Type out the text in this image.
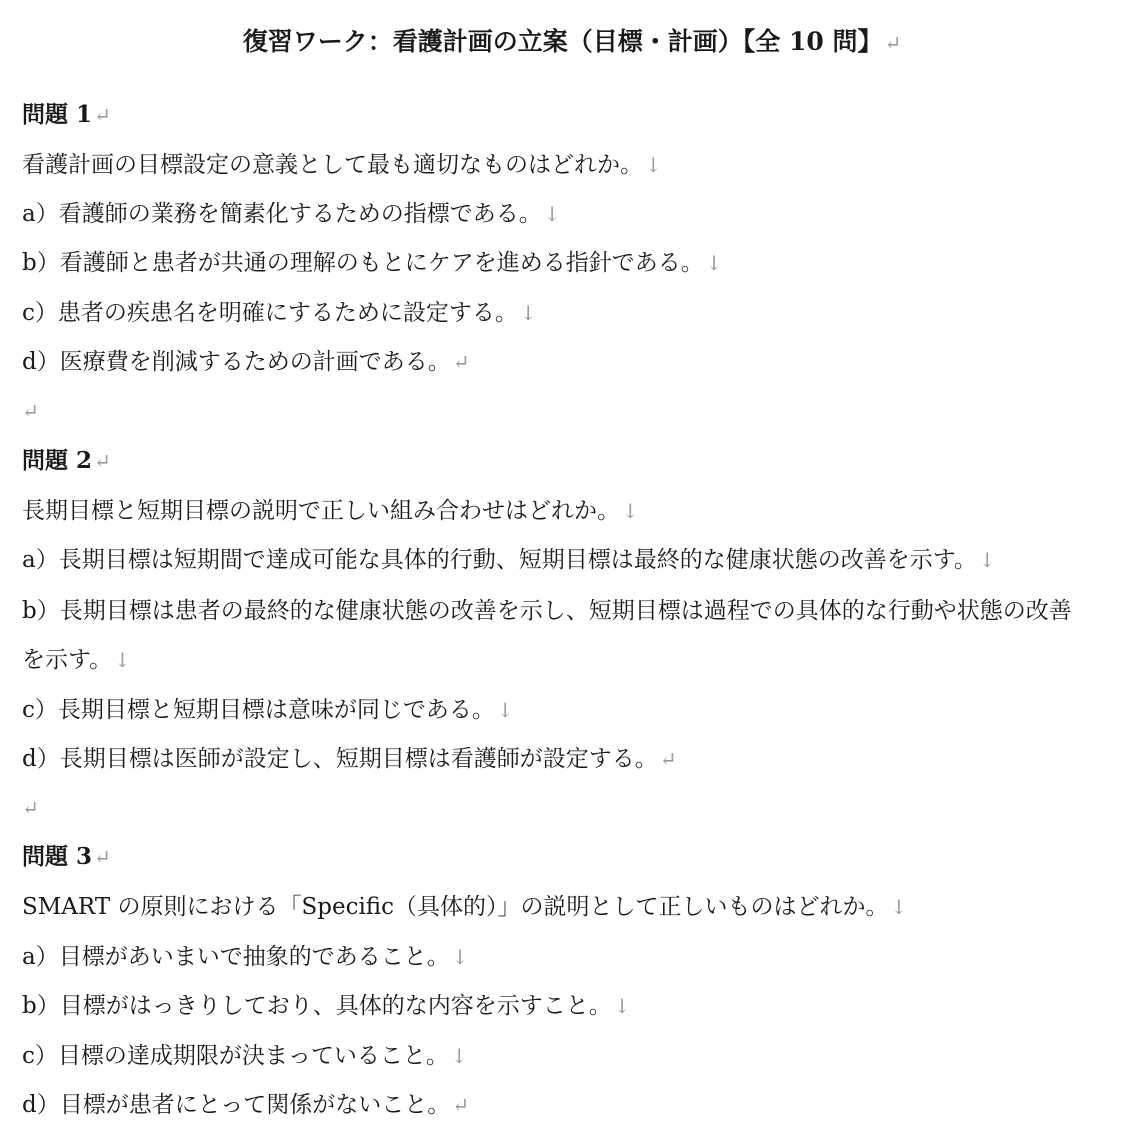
復習ワーク：看護計画の立案（目標・計画）【全 10 問】 ↵
問題 1 ↵
看護計画の目標設定の意義として最も適切なものはどれか。 ↓
a）看護師の業務を簡素化するための指標である。 ↓
b）看護師と患者が共通の理解のもとにケアを進める指針である。 ↓
c）患者の疾患名を明確にするために設定する。 ↓
d）医療費を削減するための計画である。 ↵
↵
問題 2 ↵
長期目標と短期目標の説明で正しい組み合わせはどれか。 ↓
a）長期目標は短期間で達成可能な具体的行動、短期目標は最終的な健康状態の改善を示す。 ↓
b）長期目標は患者の最終的な健康状態の改善を示し、短期目標は過程での具体的な行動や状態の改善
を示す。 ↓
c）長期目標と短期目標は意味が同じである。 ↓
d）長期目標は医師が設定し、短期目標は看護師が設定する。 ↵
↵
問題 3 ↵
SMART の原則における「Specific（具体的）」の説明として正しいものはどれか。 ↓
a）目標があいまいで抽象的であること。 ↓
b）目標がはっきりしており、具体的な内容を示すこと。 ↓
c）目標の達成期限が決まっていること。 ↓
d）目標が患者にとって関係がないこと。 ↵
